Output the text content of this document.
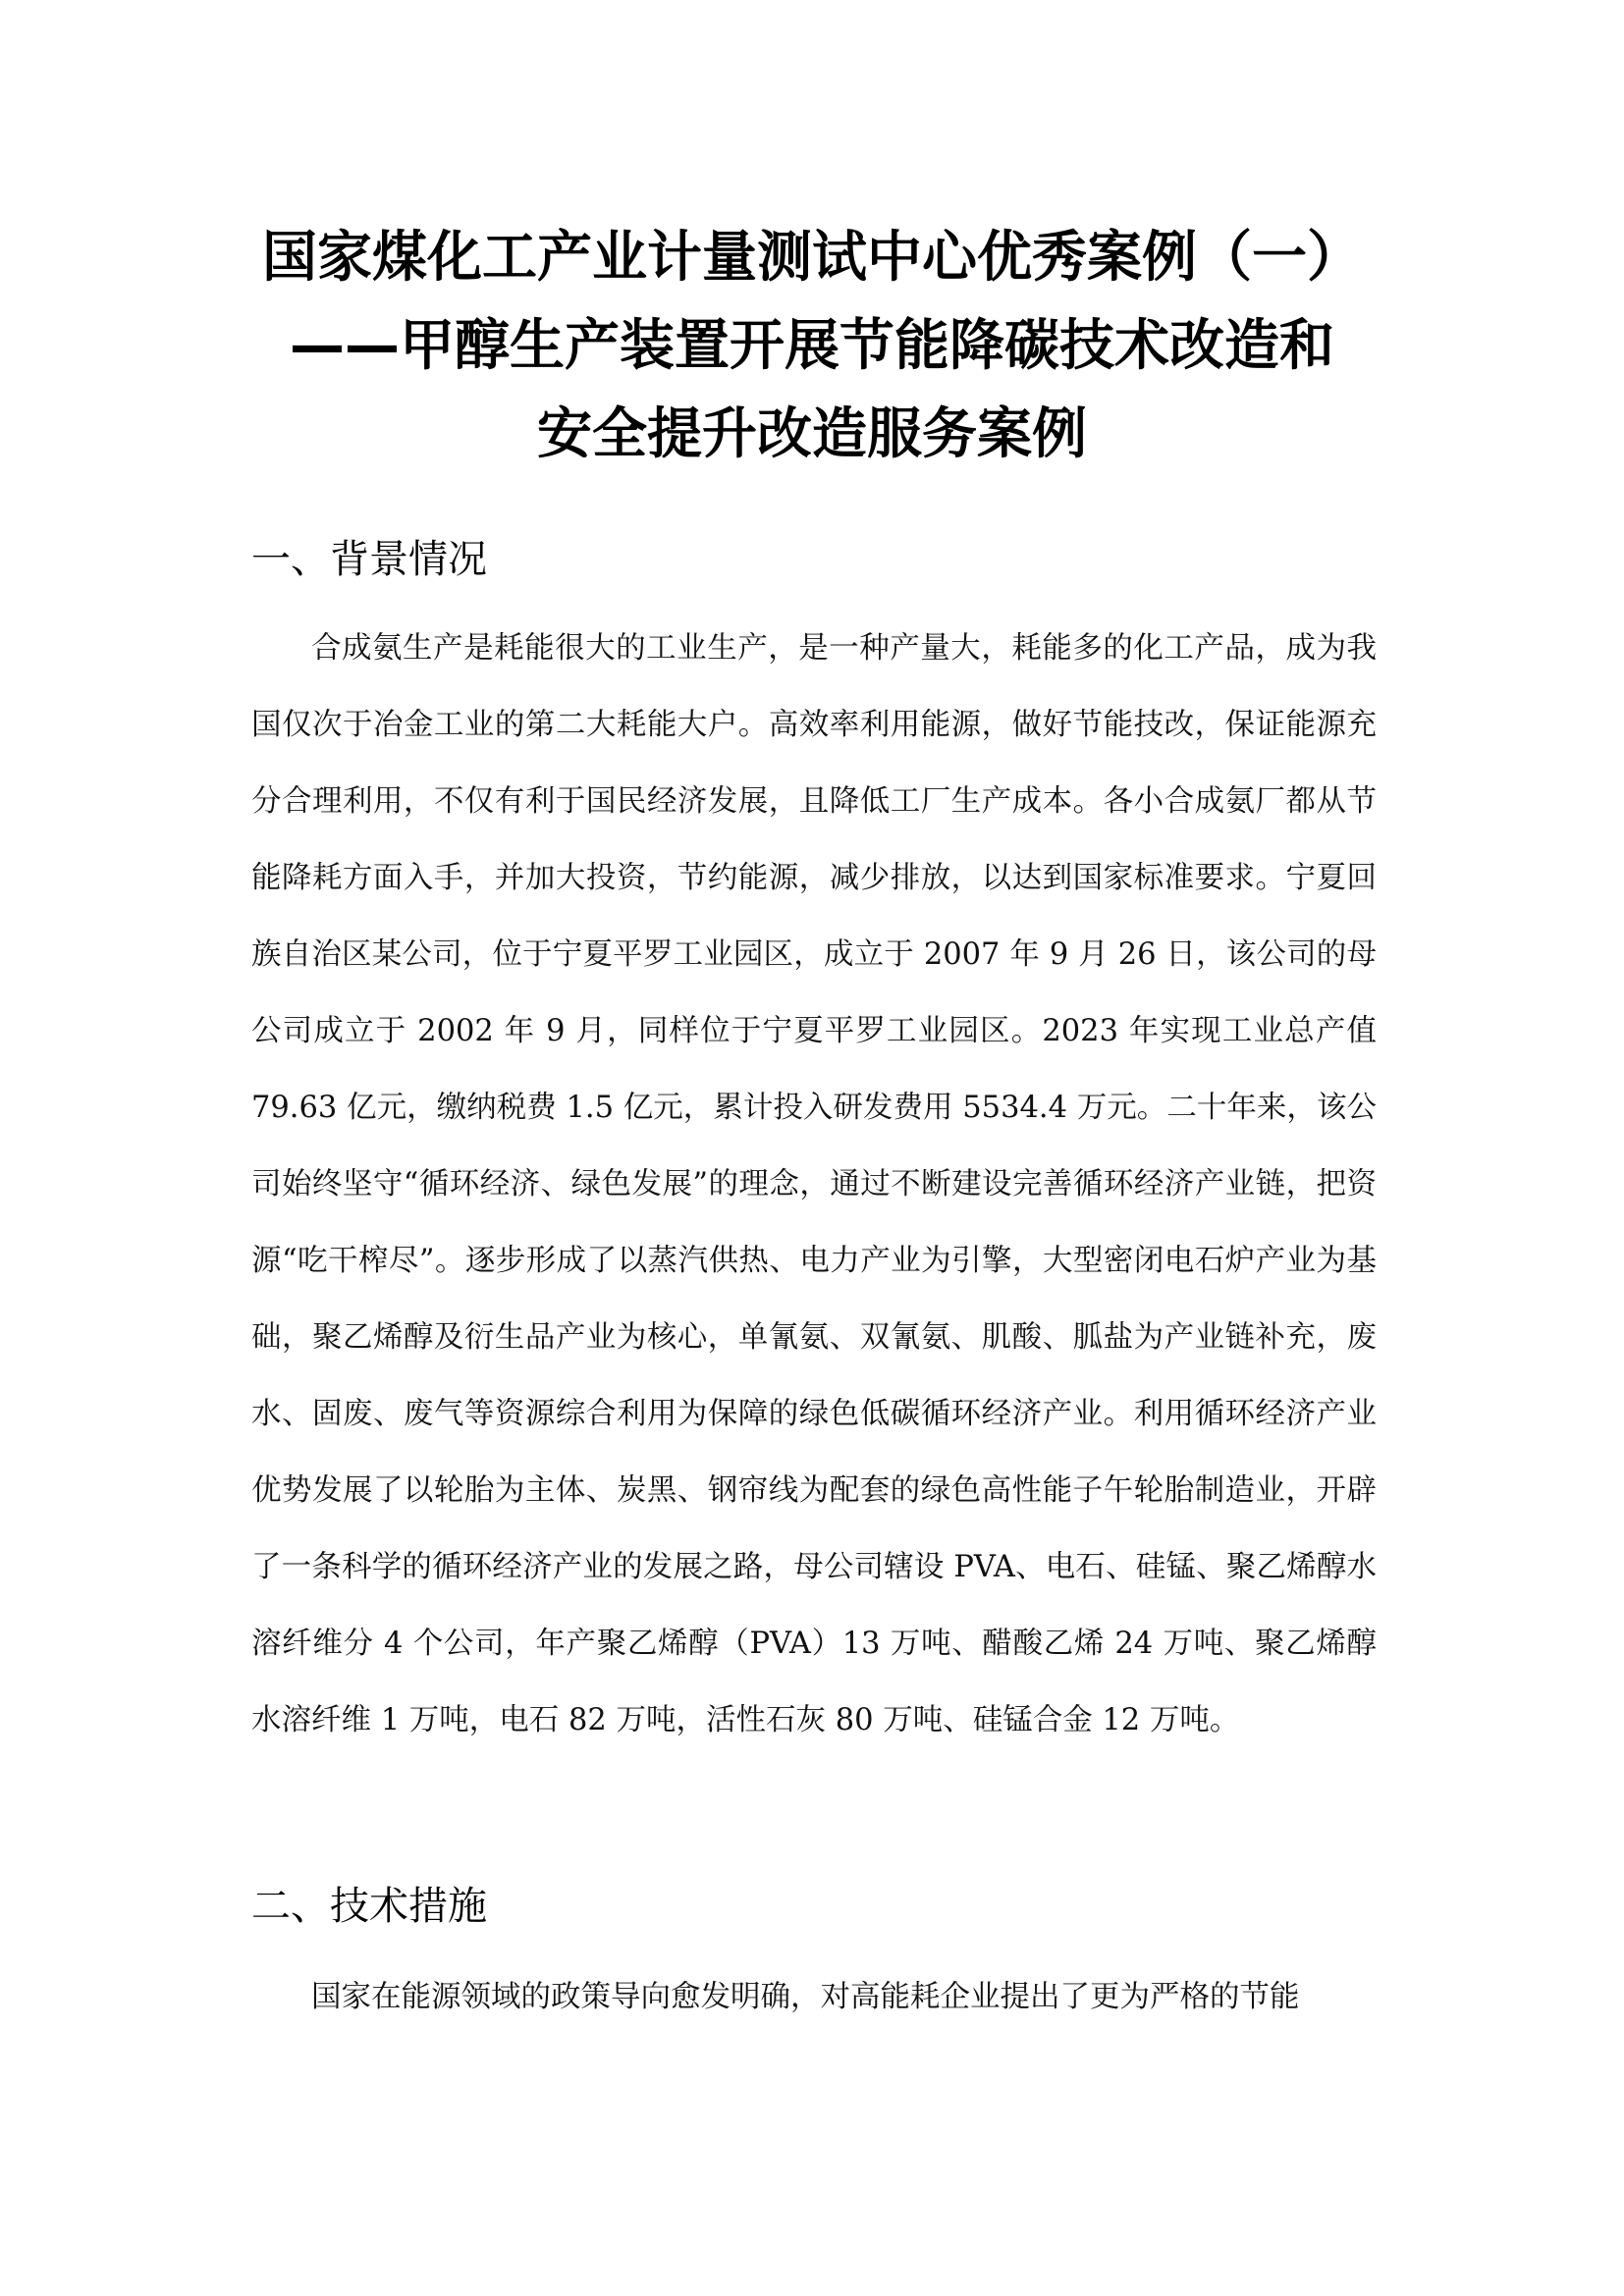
国家煤化工产业计量测试中心优秀案例（一）
——甲醇生产装置开展节能降碳技术改造和
安全提升改造服务案例
一、背景情况
合成氨生产是耗能很大的工业生产，是一种产量大，耗能多的化工产品，成为我国仅次于冶金工业的第二大耗能大户。高效率利用能源，做好节能技改，保证能源充分合理利用，不仅有利于国民经济发展，且降低工厂生产成本。各小合成氨厂都从节能降耗方面入手，并加大投资，节约能源，减少排放，以达到国家标准要求。宁夏回族自治区某公司，位于宁夏平罗工业园区，成立于 2007 年 9 月 26 日，该公司的母公司成立于 2002 年 9 月，同样位于宁夏平罗工业园区。2023 年实现工业总产值 79.63 亿元，缴纳税费 1.5 亿元，累计投入研发费用 5534.4 万元。二十年来，该公司始终坚守“循环经济、绿色发展”的理念，通过不断建设完善循环经济产业链，把资源“吃干榨尽”。逐步形成了以蒸汽供热、电力产业为引擎，大型密闭电石炉产业为基础，聚乙烯醇及衍生品产业为核心，单氰氨、双氰氨、肌酸、胍盐为产业链补充，废水、固废、废气等资源综合利用为保障的绿色低碳循环经济产业。利用循环经济产业优势发展了以轮胎为主体、炭黑、钢帘线为配套的绿色高性能子午轮胎制造业，开辟了一条科学的循环经济产业的发展之路，母公司辖设 PVA、电石、硅锰、聚乙烯醇水溶纤维分 4 个公司，年产聚乙烯醇（PVA）13 万吨、醋酸乙烯 24 万吨、聚乙烯醇水溶纤维 1 万吨，电石 82 万吨，活性石灰 80 万吨、硅锰合金 12 万吨。
二、技术措施
国家在能源领域的政策导向愈发明确，对高能耗企业提出了更为严格的节能
